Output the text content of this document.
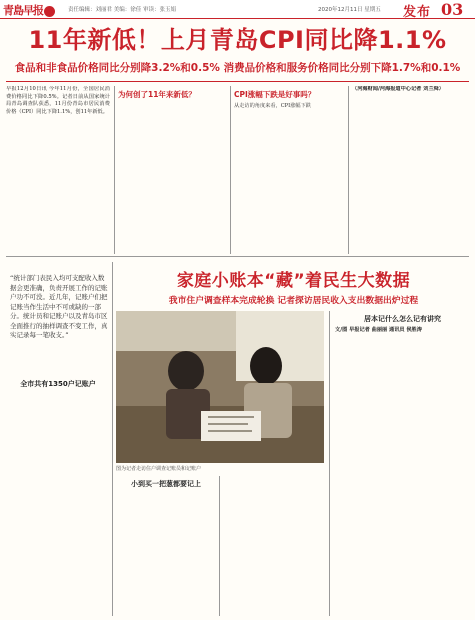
青島早报	责任编辑：刘丽君 美编：徐佳 审读：张玉娟	2020年12月11日 星期五 发布 03
11年新低！上月青岛CPI同比降1.1%
食品和非食品价格同比分别降3.2%和0.5% 消费品价格和服务价格同比分别下降1.7%和0.1%
早报12月10日讯 今年11月份，全国居民消费价格同比下降0.5%。记者日前从国家统计局青岛调查队获悉，11月份青岛市居民消费价格（CPI）同比下降1.1%，创11年新低。
为何创了11年来新低？	CPI涨幅下跌是好事吗？
从走访的角度来看，CPI涨幅下跌
（河海财闻/河海报道中心记者 刘兰舜）
“统计部门表民入均可支配收入数据会更准确，负责开展工作的记账户功不可没。近几年，记账户们把记账当作生活中不可或缺的一部分。统计员和记账户以及青岛市区全面推行的抽样调查不变工作，真实记录每一笔收支。”
家庭小账本“藏”着民生大数据
我市住户调查样本完成轮换 记者探访居民收入支出数据出炉过程
全市共有1350户记账户
图为记者走访住户调查记账员和记账户
小到买一把葱都要记上
居本记什么怎么记有讲究
文/图 早报记者 曲丽丽 通讯员 侯胜涛
